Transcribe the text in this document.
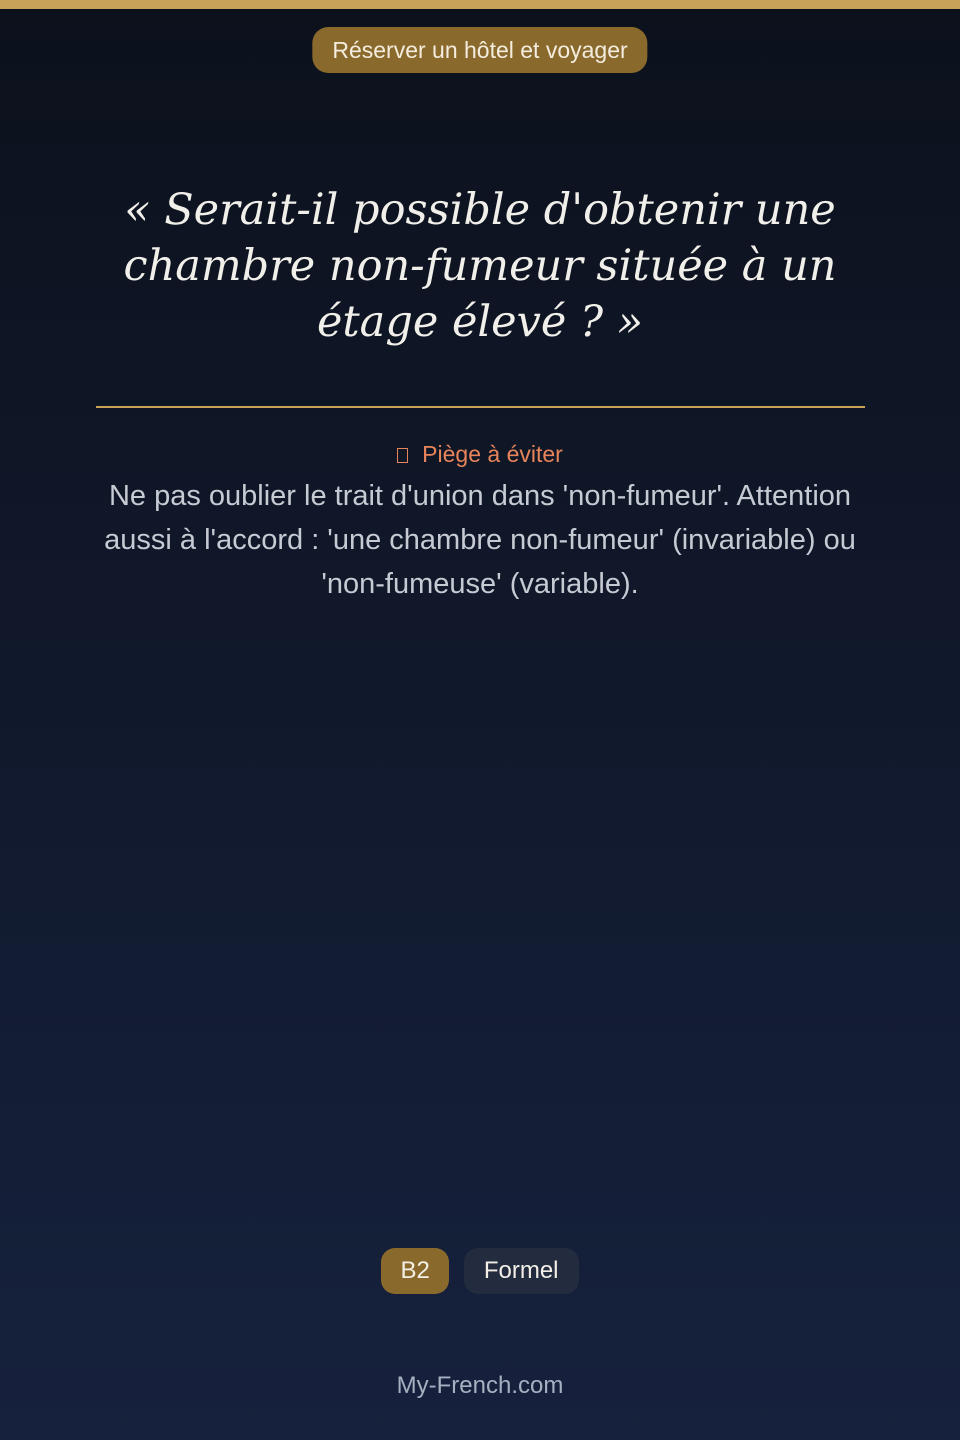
Réserver un hôtel et voyager
« Serait-il possible d'obtenir une chambre non-fumeur située à un étage élevé ? »
Piège à éviter
Ne pas oublier le trait d'union dans 'non-fumeur'. Attention aussi à l'accord : 'une chambre non-fumeur' (invariable) ou 'non-fumeuse' (variable).
B2	Formel
My-French.com
